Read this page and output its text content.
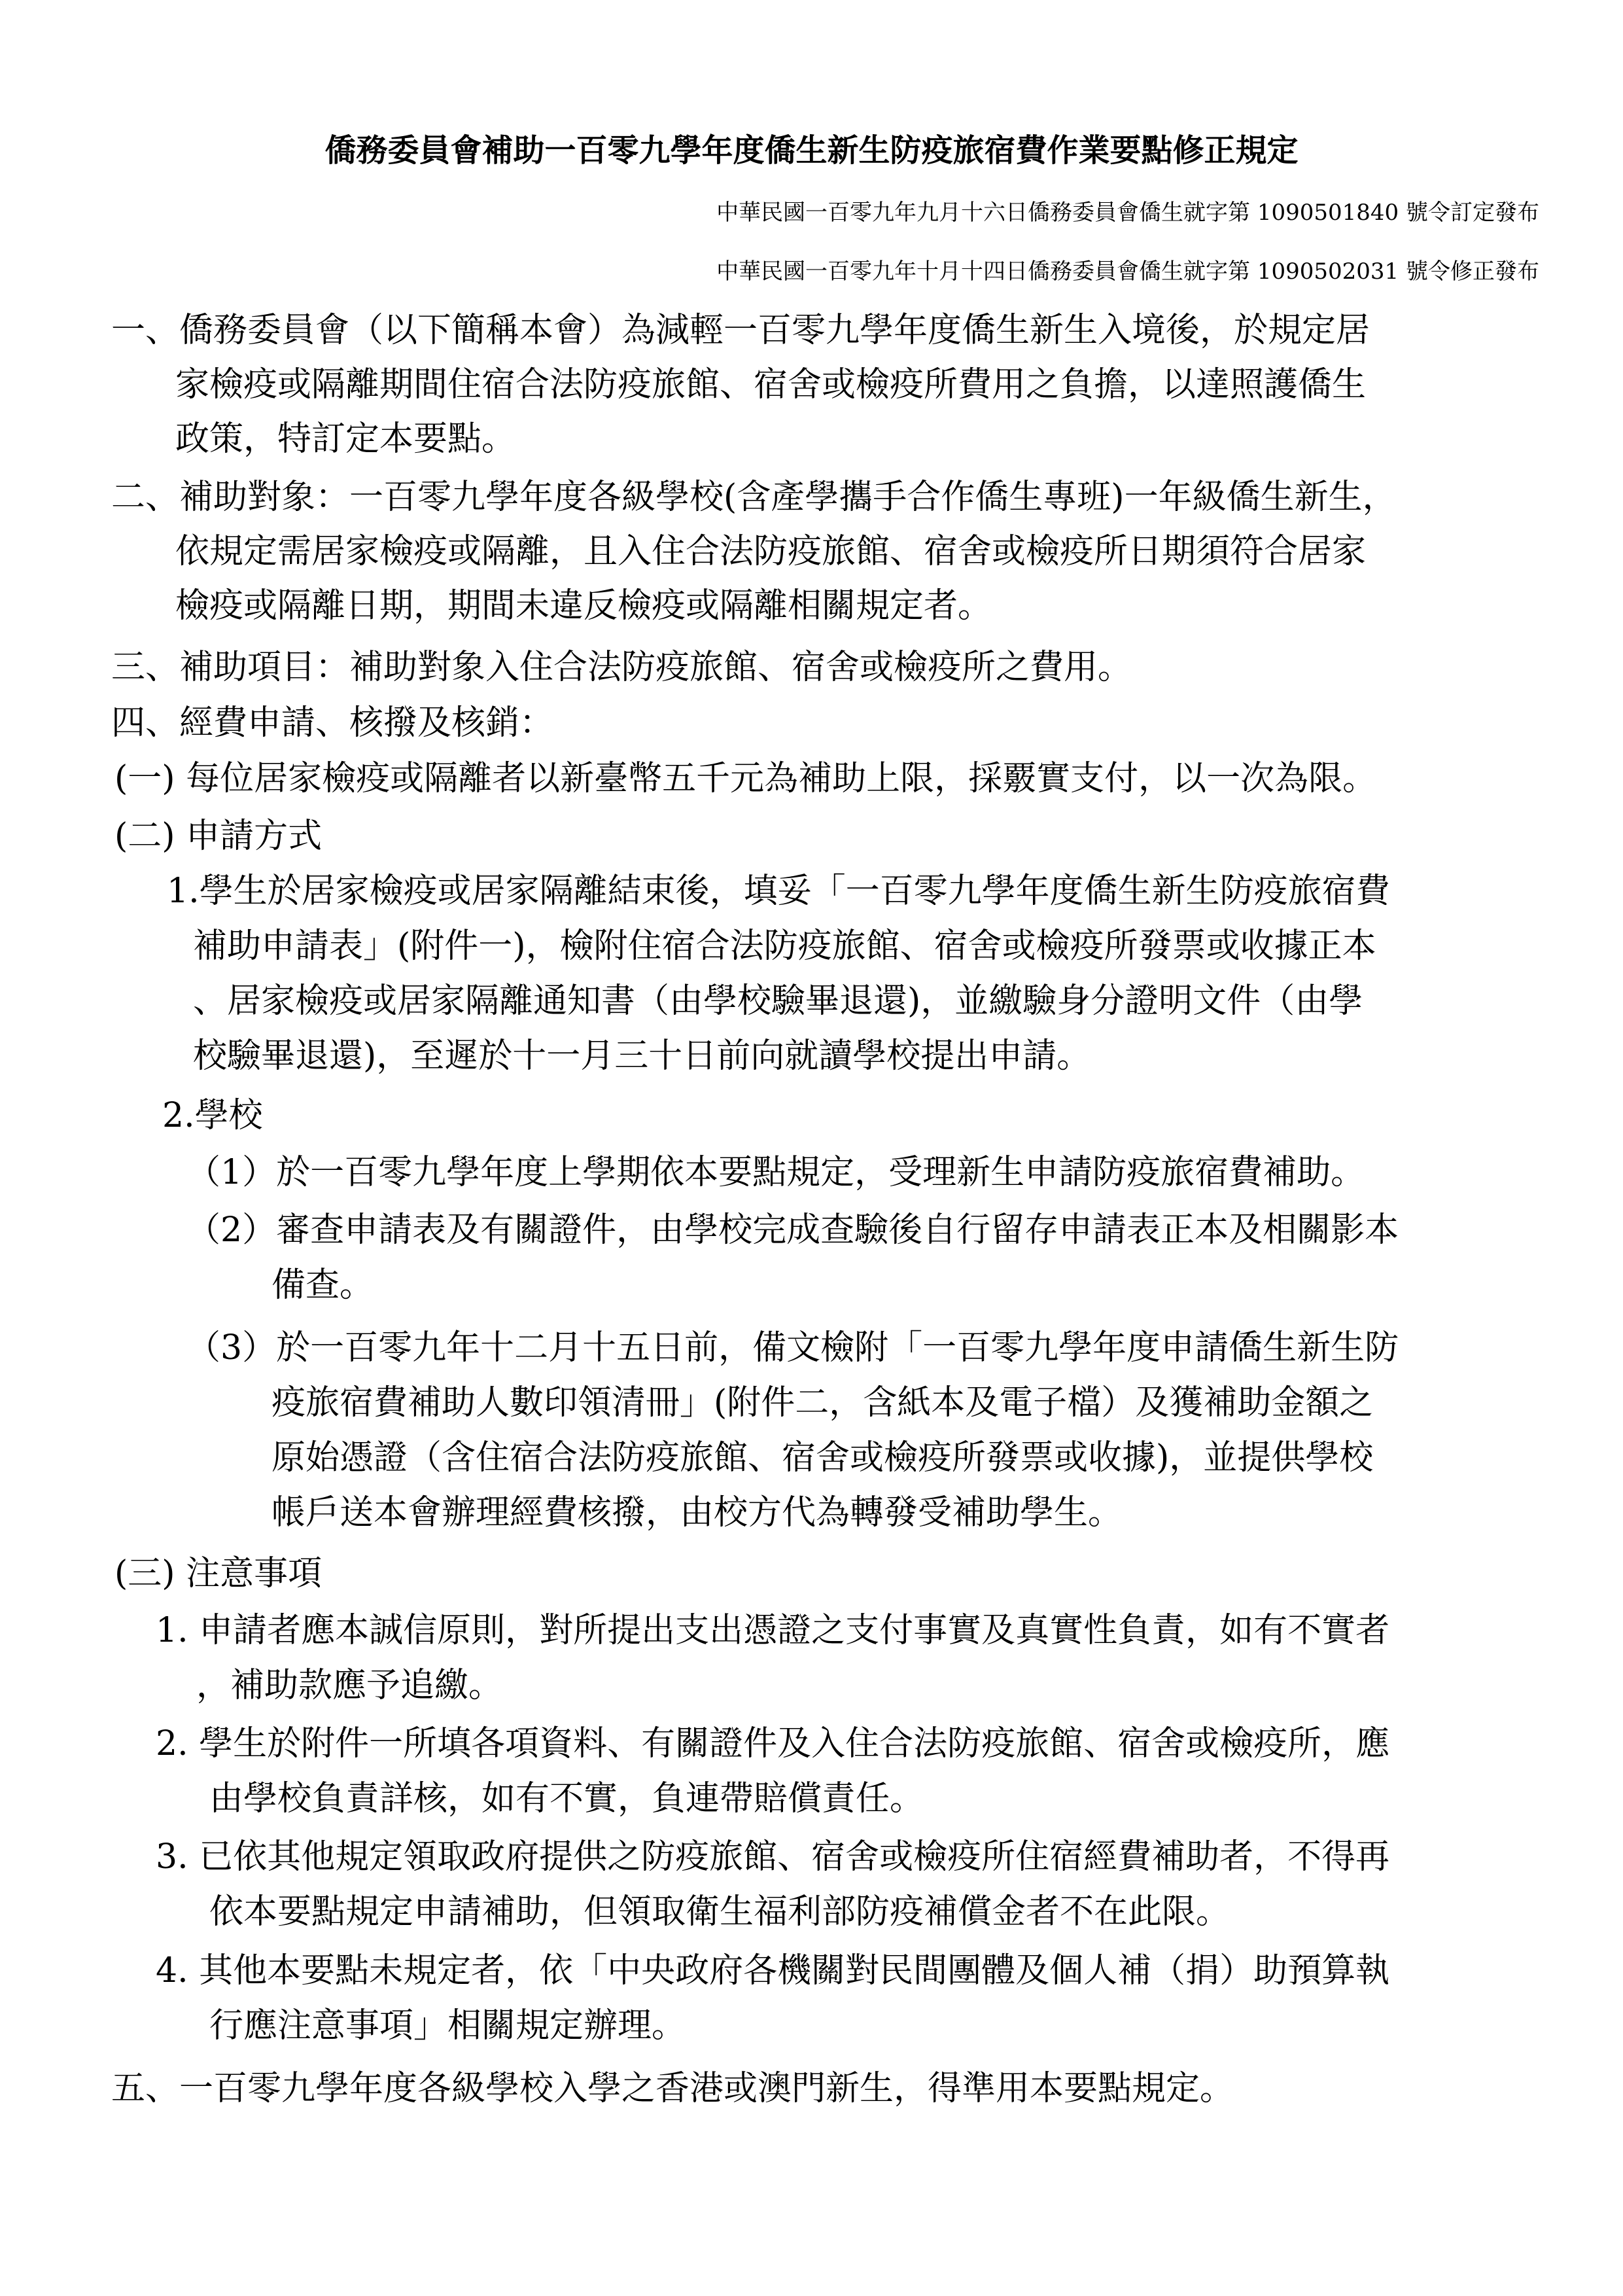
僑務委員會補助一百零九學年度僑生新生防疫旅宿費作業要點修正規定
中華民國一百零九年九月十六日僑務委員會僑生就字第 1090501840 號令訂定發布
中華民國一百零九年十月十四日僑務委員會僑生就字第 1090502031 號令修正發布
一、僑務委員會（以下簡稱本會）為減輕一百零九學年度僑生新生入境後，於規定居
家檢疫或隔離期間住宿合法防疫旅館、宿舍或檢疫所費用之負擔，以達照護僑生
政策，特訂定本要點。
二、補助對象：一百零九學年度各級學校(含產學攜手合作僑生專班)一年級僑生新生，
依規定需居家檢疫或隔離，且入住合法防疫旅館、宿舍或檢疫所日期須符合居家
檢疫或隔離日期，期間未違反檢疫或隔離相關規定者。
三、補助項目：補助對象入住合法防疫旅館、宿舍或檢疫所之費用。
四、經費申請、核撥及核銷：
(一) 每位居家檢疫或隔離者以新臺幣五千元為補助上限，採覈實支付，以一次為限。
(二) 申請方式
1.學生於居家檢疫或居家隔離結束後，填妥「一百零九學年度僑生新生防疫旅宿費
補助申請表」(附件一)，檢附住宿合法防疫旅館、宿舍或檢疫所發票或收據正本
、居家檢疫或居家隔離通知書（由學校驗畢退還)，並繳驗身分證明文件（由學
校驗畢退還)，至遲於十一月三十日前向就讀學校提出申請。
2.學校
（1）於一百零九學年度上學期依本要點規定，受理新生申請防疫旅宿費補助。
（2）審查申請表及有關證件，由學校完成查驗後自行留存申請表正本及相關影本
備查。
（3）於一百零九年十二月十五日前，備文檢附「一百零九學年度申請僑生新生防
疫旅宿費補助人數印領清冊」(附件二，含紙本及電子檔）及獲補助金額之
原始憑證（含住宿合法防疫旅館、宿舍或檢疫所發票或收據)，並提供學校
帳戶送本會辦理經費核撥，由校方代為轉發受補助學生。
(三) 注意事項
1. 申請者應本誠信原則，對所提出支出憑證之支付事實及真實性負責，如有不實者
，補助款應予追繳。
2. 學生於附件一所填各項資料、有關證件及入住合法防疫旅館、宿舍或檢疫所，應
由學校負責詳核，如有不實，負連帶賠償責任。
3. 已依其他規定領取政府提供之防疫旅館、宿舍或檢疫所住宿經費補助者，不得再
依本要點規定申請補助，但領取衛生福利部防疫補償金者不在此限。
4. 其他本要點未規定者，依「中央政府各機關對民間團體及個人補（捐）助預算執
行應注意事項」相關規定辦理。
五、一百零九學年度各級學校入學之香港或澳門新生，得準用本要點規定。
